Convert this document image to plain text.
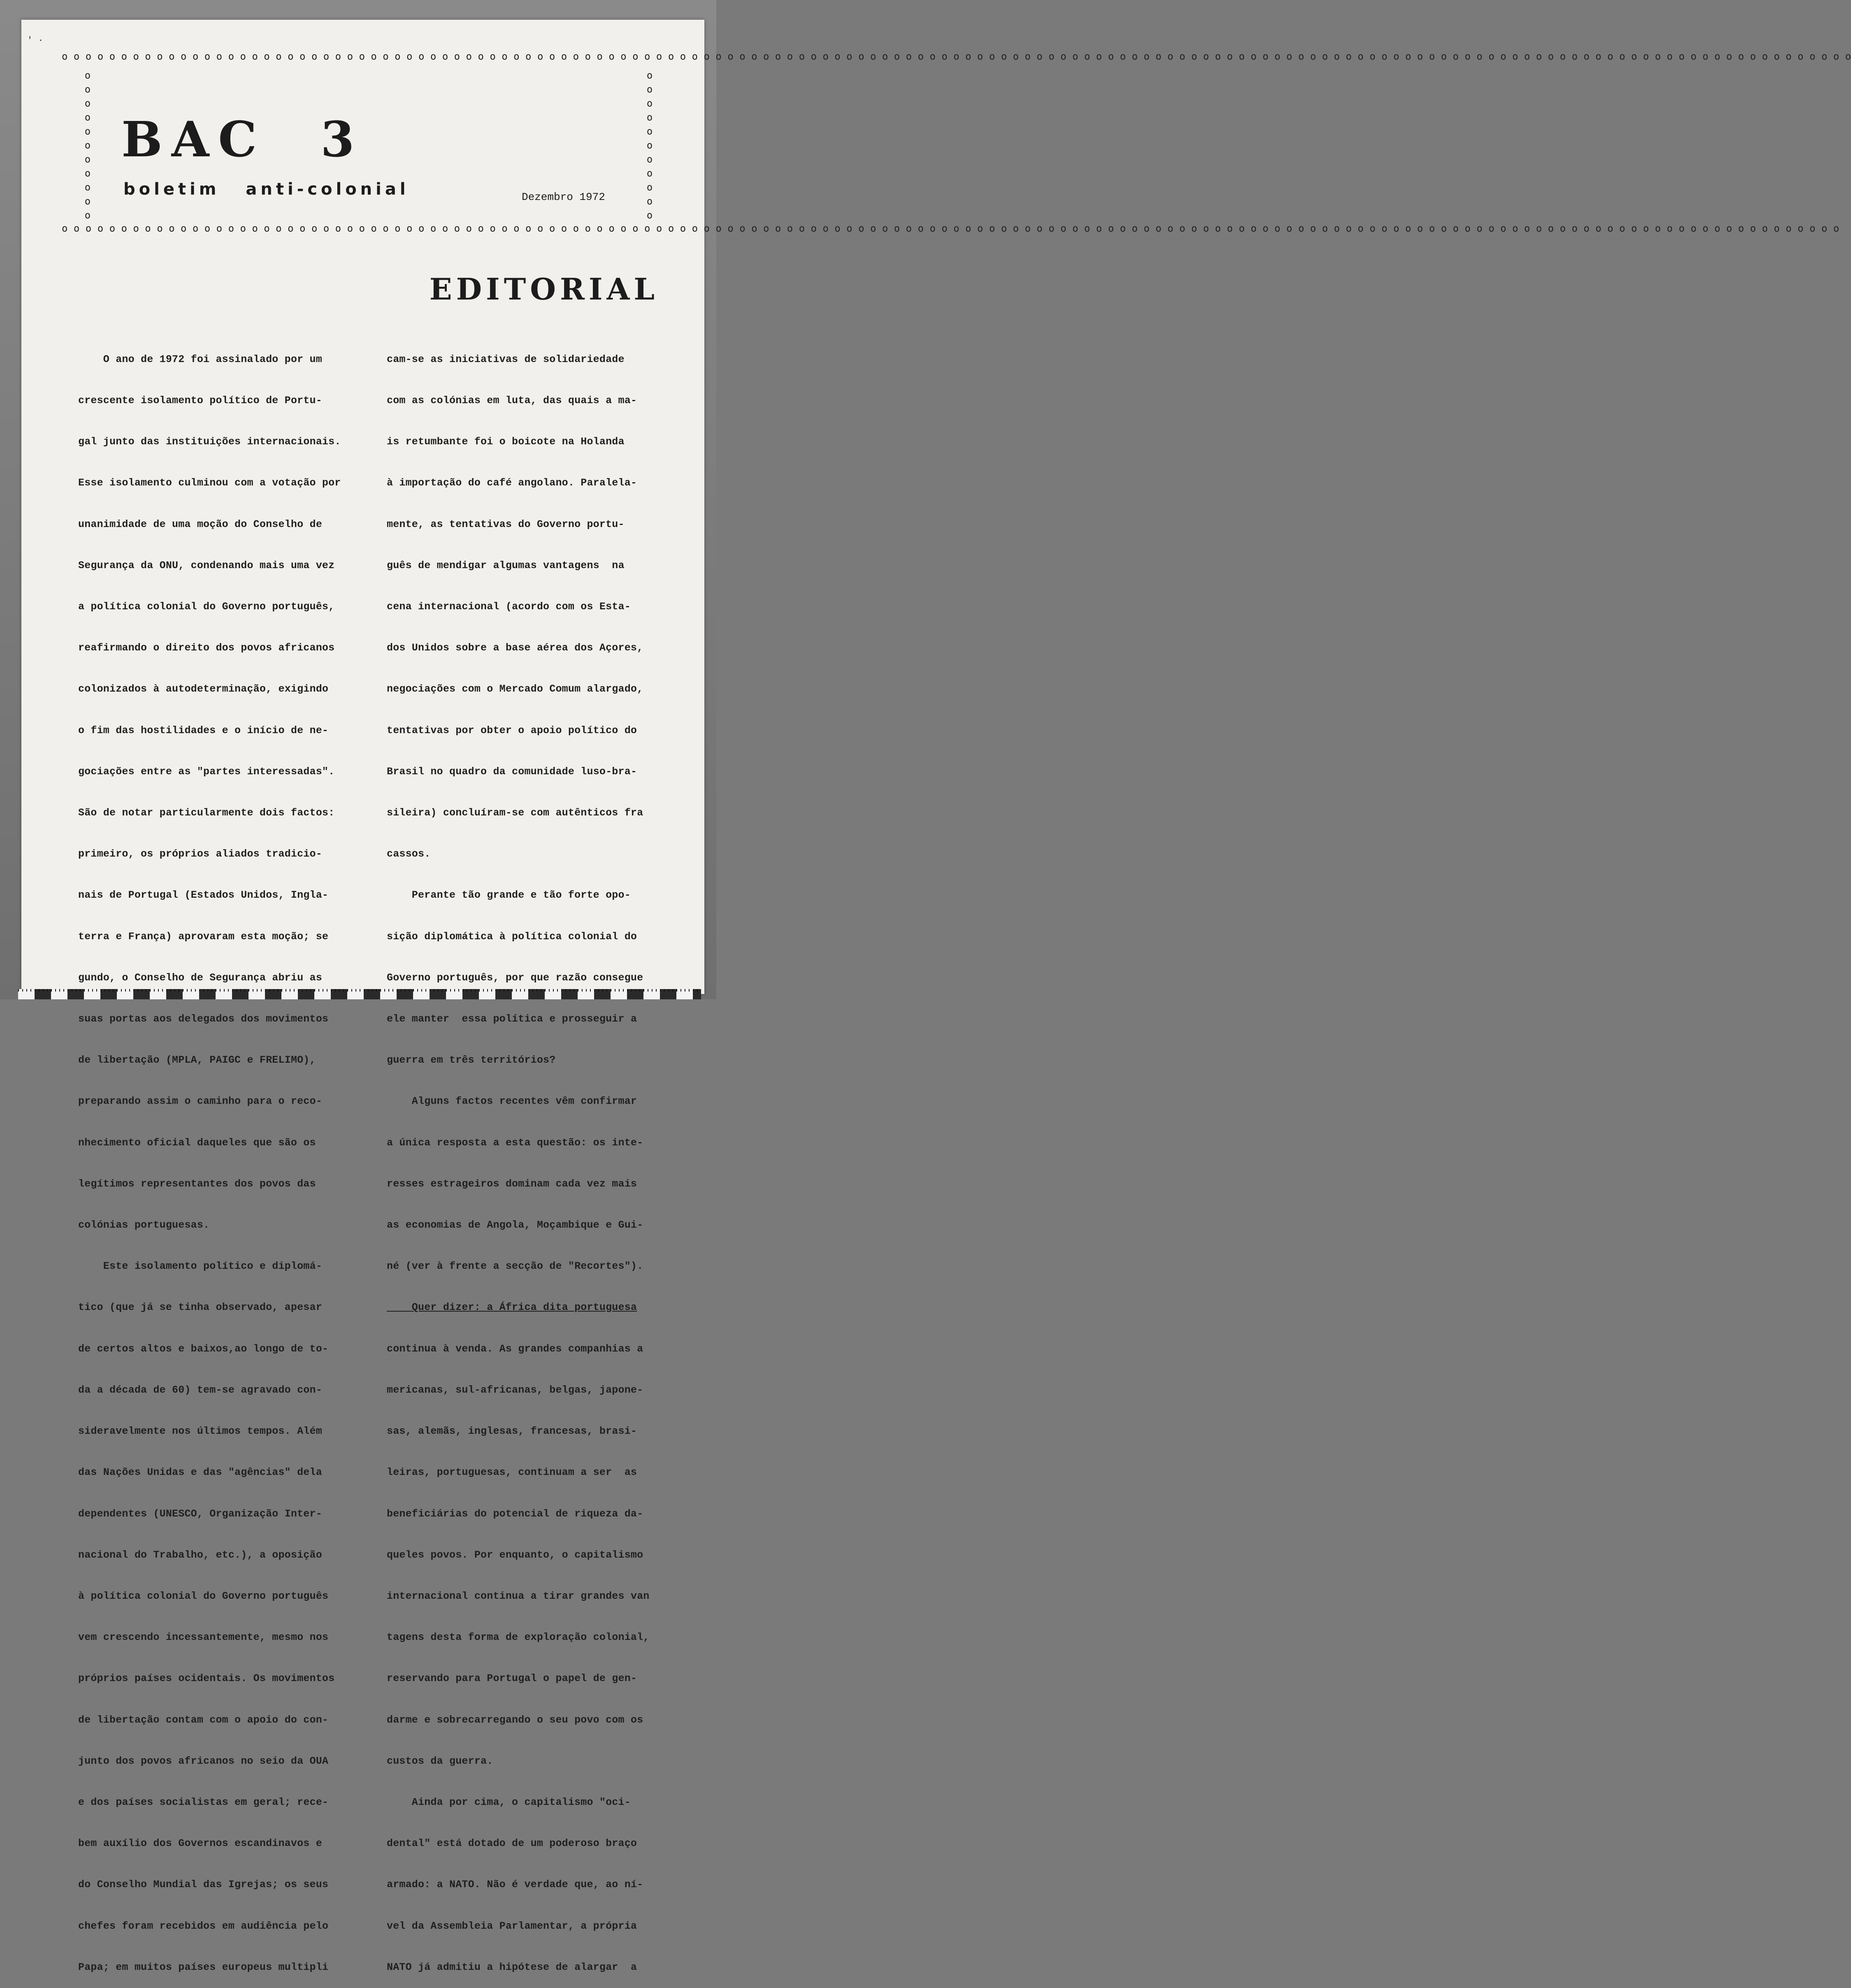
' ·
o o o o o o o o o o o o o o o o o o o o o o o o o o o o o o o o o o o o o o o o o o o o o o o o o o o o o o o o o o o o o o o o o o o o o o o o o o o o o o o o o o o o o o o o o o o o o o o o o o o o o o o o o o o o o o o o o o o o o o o o o o o o o o o o o o o o o o o o o o o o o o o o o o o o o o o
o o o o o o o o o o o o o o o o o o o o o o o o o o o o o o o o o o o o o o o o o o o o o o o o o o o o o o o o o o o o o o o o o o o o o o o o o o o o o o o o o o o o o o o o o o o o o o o o o o o o o o o o o o o o o o o o o o o o o o o o o o o o o o o o o o o o o o o o o o o o o o o o o o o o o o
o
o
o
o
o
o
o
o
o
o
o
o
o
o
o
o
o
o
o
o
o
o
BAC 3
boletim anti-colonial	Dezembro 1972
EDITORIAL

O ano de 1972 foi assinalado por um

crescente isolamento político de Portu-

gal junto das instituições internacionais.

Esse isolamento culminou com a votação por

unanimidade de uma moção do Conselho de

Segurança da ONU, condenando mais uma vez

a política colonial do Governo português,

reafirmando o direito dos povos africanos

colonizados à autodeterminação, exigindo

o fim das hostilidades e o início de ne-

gociações entre as "partes interessadas".

São de notar particularmente dois factos:

primeiro, os próprios aliados tradicio-

nais de Portugal (Estados Unidos, Ingla-

terra e França) aprovaram esta moção; se

gundo, o Conselho de Segurança abriu as

suas portas aos delegados dos movimentos

de libertação (MPLA, PAIGC e FRELIMO),

preparando assim o caminho para o reco-

nhecimento oficial daqueles que são os

legítimos representantes dos povos das

colónias portuguesas.

Este isolamento político e diplomá-

tico (que já se tinha observado, apesar

de certos altos e baixos,ao longo de to-

da a década de 60) tem-se agravado con-

sideravelmente nos últimos tempos. Além

das Nações Unidas e das "agências" dela

dependentes (UNESCO, Organização Inter-

nacional do Trabalho, etc.), a oposição

à política colonial do Governo português

vem crescendo incessantemente, mesmo nos

próprios países ocidentais. Os movimentos

de libertação contam com o apoio do con-

junto dos povos africanos no seio da OUA

e dos países socialistas em geral; rece-

bem auxílio dos Governos escandinavos e

do Conselho Mundial das Igrejas; os seus

chefes foram recebidos em audiência pelo

Papa; em muitos países europeus multipli

cam-se as iniciativas de solidariedade

com as colónias em luta, das quais a ma-

is retumbante foi o boicote na Holanda

à importação do café angolano. Paralela-

mente, as tentativas do Governo portu-

guês de mendigar algumas vantagens  na

cena internacional (acordo com os Esta-

dos Unidos sobre a base aérea dos Açores,

negociações com o Mercado Comum alargado,

tentativas por obter o apoio político do

Brasil no quadro da comunidade luso-bra-

sileira) concluíram-se com autênticos fra

cassos.

Perante tão grande e tão forte opo-

sição diplomática à política colonial do

Governo português, por que razão consegue

ele manter  essa política e prosseguir a

guerra em três territórios?

Alguns factos recentes vêm confirmar

a única resposta a esta questão: os inte-

resses estrageiros dominam cada vez mais

as economias de Angola, Moçambique e Gui-

né (ver à frente a secção de "Recortes").

Quer dizer: a África dita portuguesa

continua à venda. As grandes companhias a

mericanas, sul-africanas, belgas, japone-

sas, alemãs, inglesas, francesas, brasi-

leiras, portuguesas, continuam a ser  as

beneficiárias do potencial de riqueza da-

queles povos. Por enquanto, o capitalismo

internacional continua a tirar grandes van

tagens desta forma de exploração colonial,

reservando para Portugal o papel de gen-

darme e sobrecarregando o seu povo com os

custos da guerra.

Ainda por cima, o capitalismo "oci-

dental" está dotado de um poderoso braço

armado: a NATO. Não é verdade que, ao ní-

vel da Assembleia Parlamentar, a própria

NATO já admitiu a hipótese de alargar  a
